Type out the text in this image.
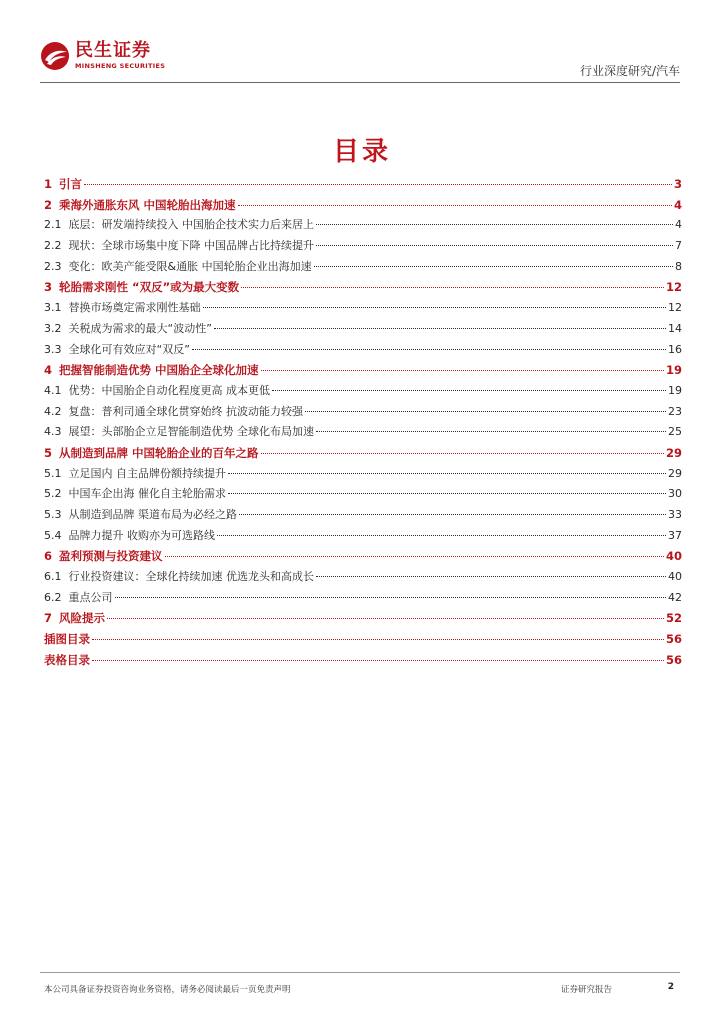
民生证券
MINSHENG SECURITIES	行业深度研究/汽车
目录
1 引言	3
2 乘海外通胀东风 中国轮胎出海加速	4
2.1 底层：研发端持续投入 中国胎企技术实力后来居上	4
2.2 现状：全球市场集中度下降 中国品牌占比持续提升	7
2.3 变化：欧美产能受限&通胀 中国轮胎企业出海加速	8
3 轮胎需求刚性 “双反”或为最大变数	12
3.1 替换市场奠定需求刚性基础	12
3.2 关税成为需求的最大“波动性”	14
3.3 全球化可有效应对“双反”	16
4 把握智能制造优势 中国胎企全球化加速	19
4.1 优势：中国胎企自动化程度更高 成本更低	19
4.2 复盘：普利司通全球化贯穿始终 抗波动能力较强	23
4.3 展望：头部胎企立足智能制造优势 全球化布局加速	25
5 从制造到品牌 中国轮胎企业的百年之路	29
5.1 立足国内 自主品牌份额持续提升	29
5.2 中国车企出海 催化自主轮胎需求	30
5.3 从制造到品牌 渠道布局为必经之路	33
5.4 品牌力提升 收购亦为可选路线	37
6 盈利预测与投资建议	40
6.1 行业投资建议：全球化持续加速 优选龙头和高成长	40
6.2 重点公司	42
7 风险提示	52
插图目录	56
表格目录	56
本公司具备证券投资咨询业务资格，请务必阅读最后一页免责声明	证券研究报告	2
